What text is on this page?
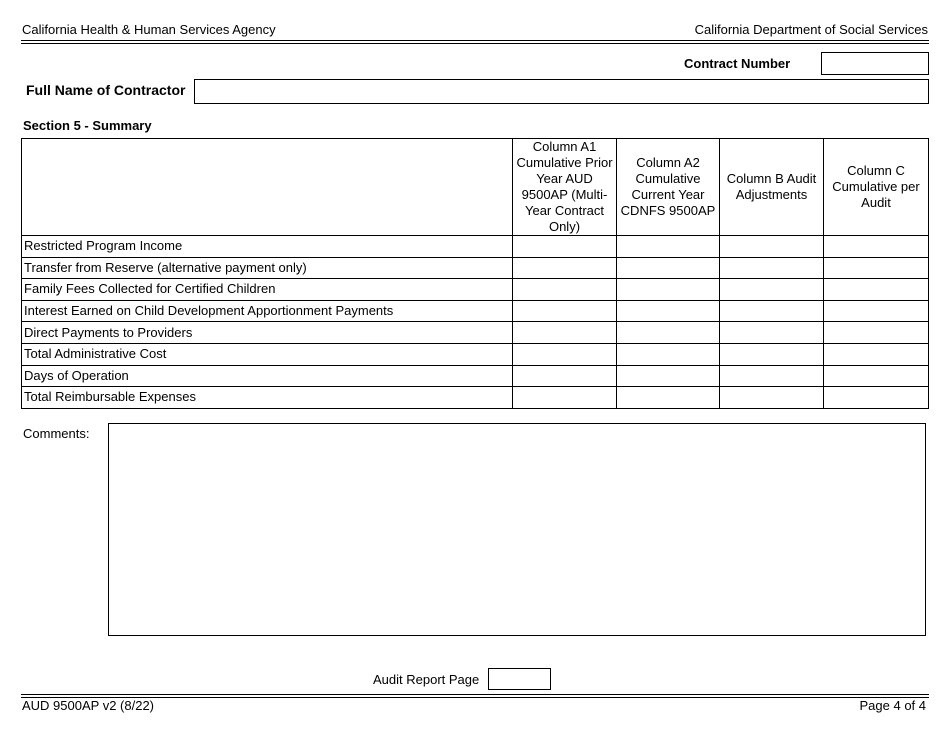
California Health & Human Services Agency	California Department of Social Services
Contract Number
Full Name of Contractor
Section 5 - Summary
	Column A1 Cumulative Prior Year AUD 9500AP (Multi-Year Contract Only)	Column A2 Cumulative Current Year CDNFS 9500AP	Column B Audit Adjustments	Column C Cumulative per Audit
Restricted Program Income				
Transfer from Reserve (alternative payment only)				
Family Fees Collected for Certified Children				
Interest Earned on Child Development Apportionment Payments				
Direct Payments to Providers				
Total Administrative Cost				
Days of Operation				
Total Reimbursable Expenses				
Comments:
Audit Report Page
AUD 9500AP v2 (8/22)	Page 4 of 4
